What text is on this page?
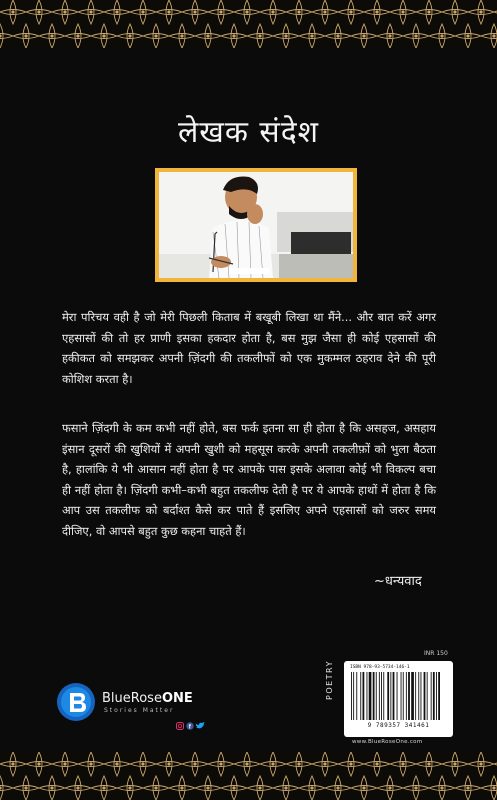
लेखक संदेश

मेरा परिचय वही है जो मेरी पिछली किताब में बखूबी लिखा था मैंने... और बात करें अगर एहसासों की तो हर प्राणी इसका हकदार होता है, बस मुझ जैसा ही कोई एहसासों की हकीकत को समझकर अपनी ज़िंदगी की तकलीफों को एक मुकम्मल ठहराव देने की पूरी कोशिश करता है।

फसाने ज़िंदगी के कम कभी नहीं होते, बस फर्क इतना सा ही होता है कि असहज, असहाय इंसान दूसरों की खुशियों में अपनी खुशी को महसूस करके अपनी तकलीफ़ों को भुला बैठता है, हालांकि ये भी आसान नहीं होता है पर आपके पास इसके अलावा कोई भी विकल्प बचा ही नहीं होता है। ज़िंदगी कभी–कभी बहुत तकलीफ देती है पर ये आपके हाथों में होता है कि आप उस तकलीफ को बर्दाश्त कैसे कर पाते हैं इसलिए अपने एहसासों को जरुर समय दीजिए, वो आपसे बहुत कुछ कहना चाहते हैं।

~धन्यवाद
BlueRoseONE
Stories Matter
f
INR 150
POETRY	ISBN 978-93-5734-146-1
9 789357 341461
www.BlueRoseOne.com
